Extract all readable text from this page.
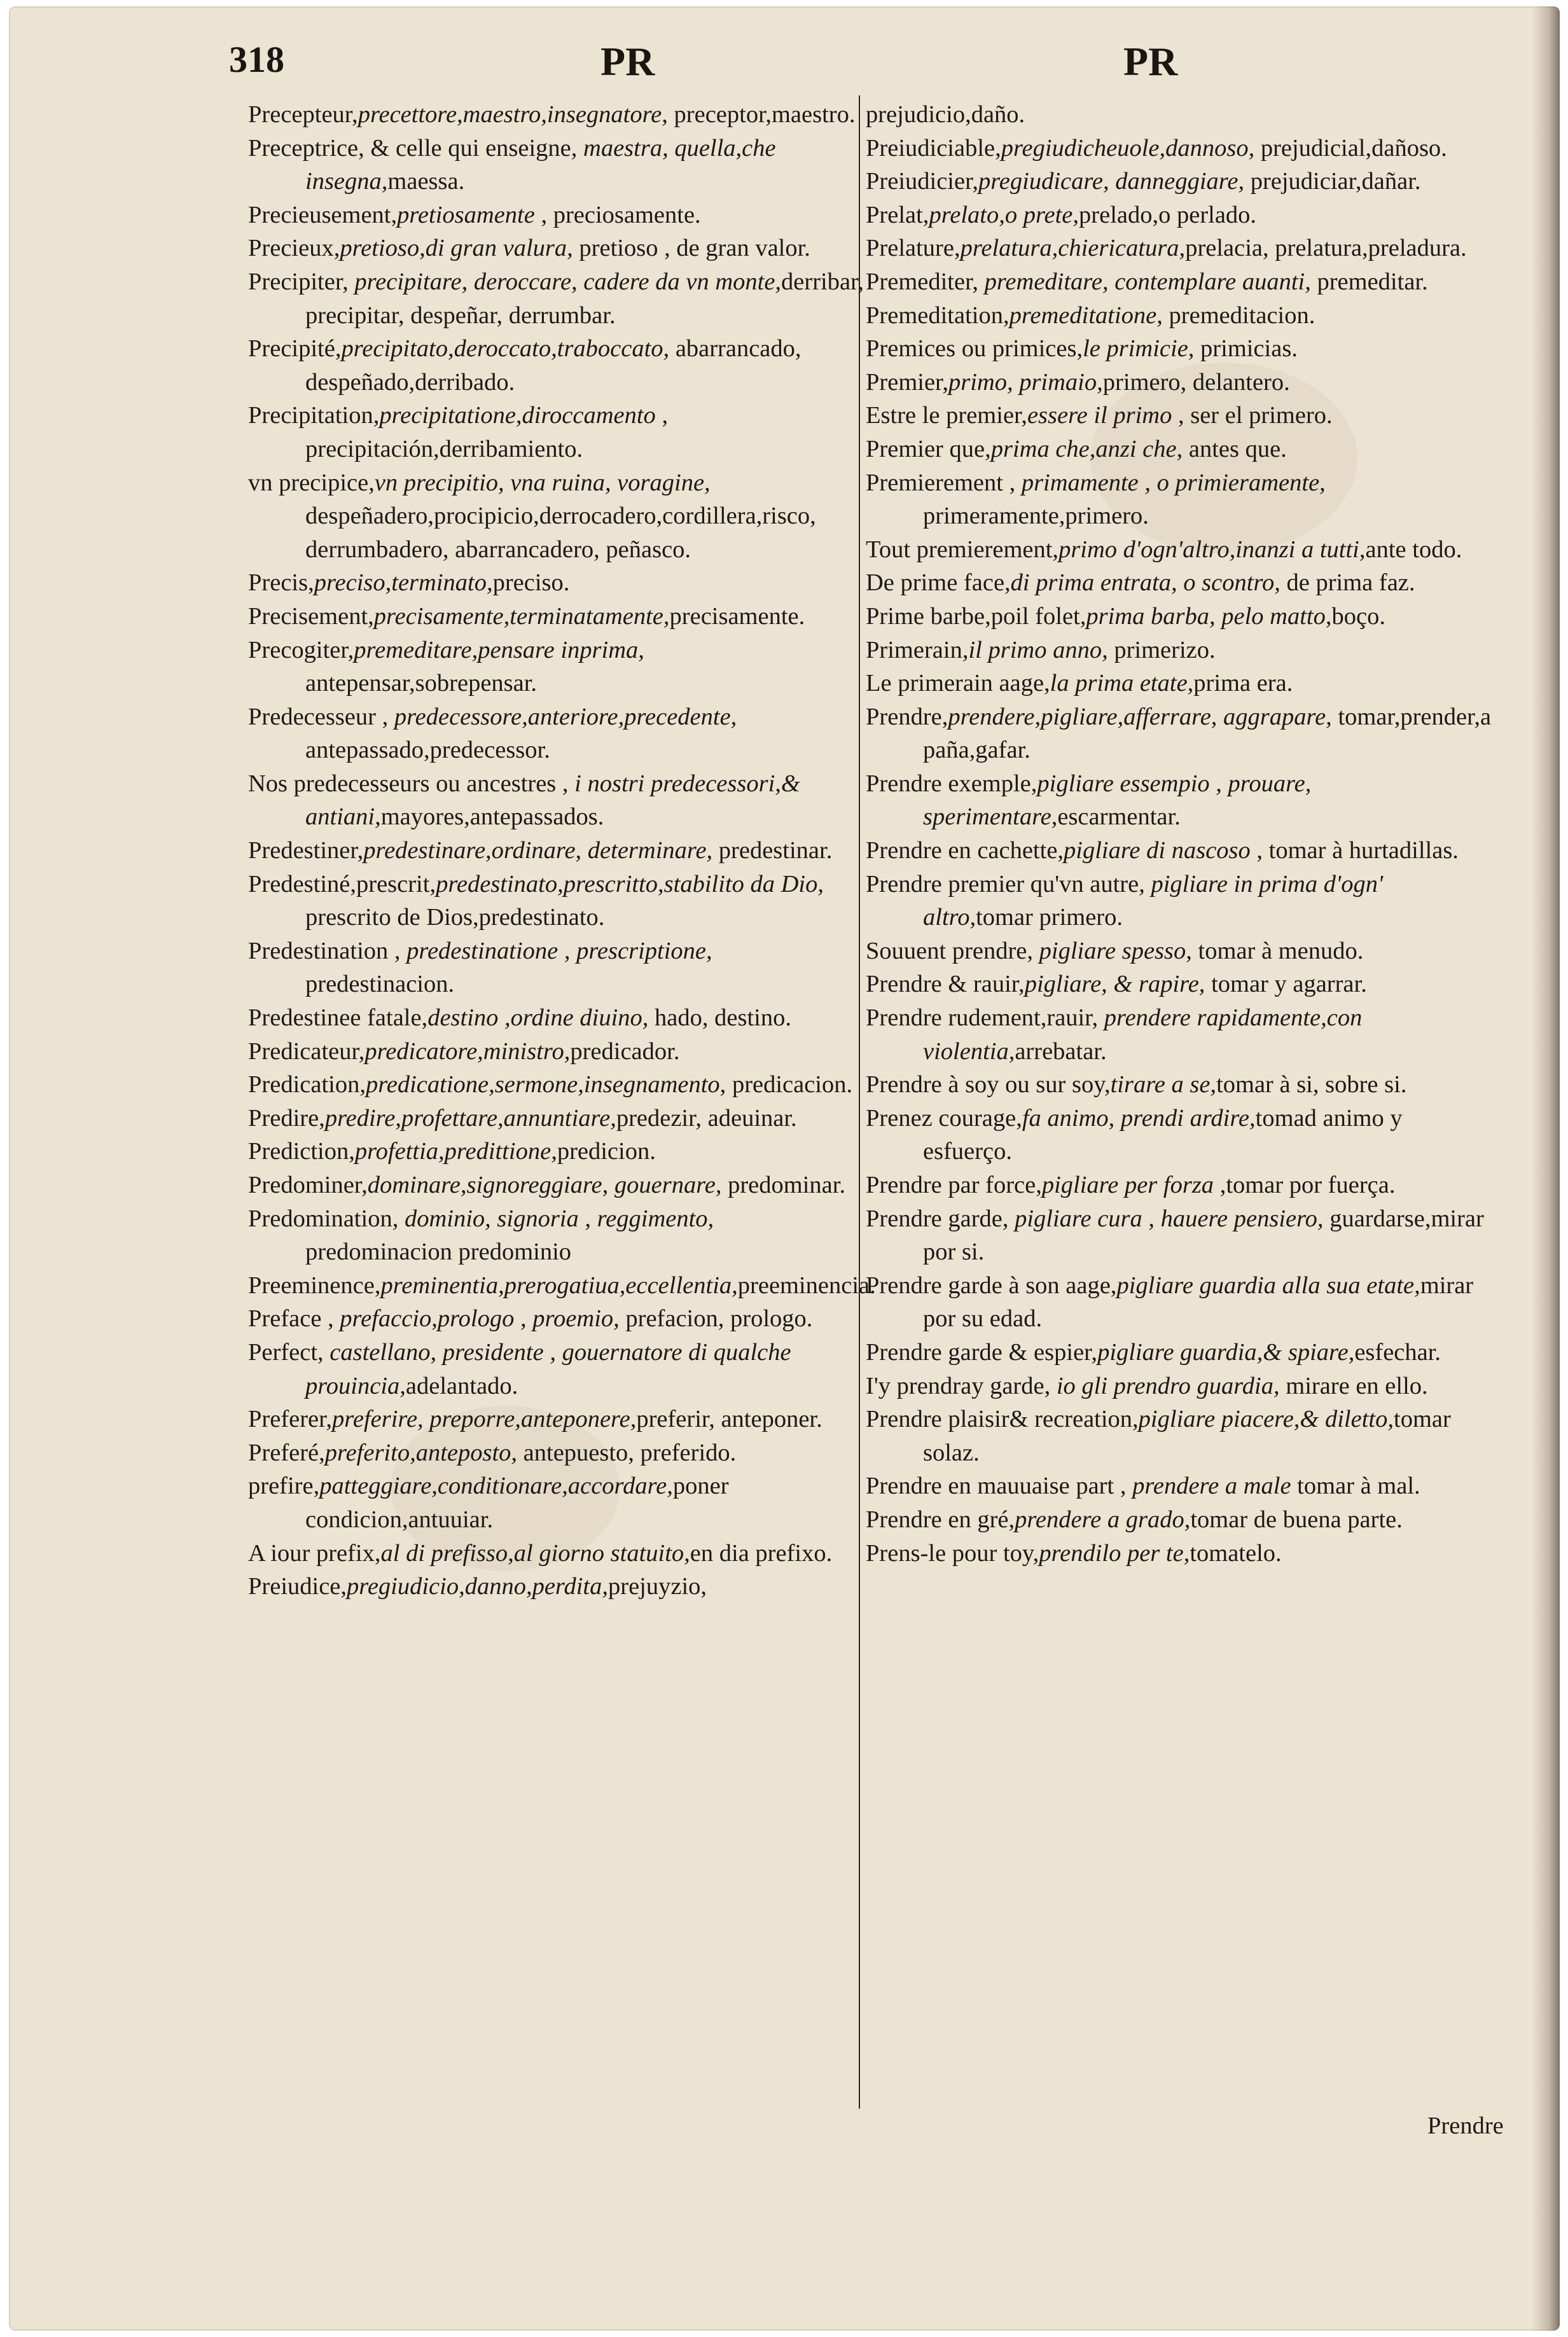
318	PR	PR

Precepteur,precettore,maestro,insegnatore, preceptor,maestro.

Preceptrice, & celle qui enseigne, maestra, quella,che insegna,maessa.

Precieusement,pretiosamente , preciosamente.

Precieux,pretioso,di gran valura, pretioso , de gran valor.

Precipiter, precipitare, deroccare, cadere da vn monte,derribar, precipitar, despeñar, derrumbar.

Precipité,precipitato,deroccato,traboccato, abarrancado, despeñado,derribado.

Precipitation,precipitatione,diroccamento , precipitación,derribamiento.

vn precipice,vn precipitio, vna ruina, voragine, despeñadero,procipicio,derrocadero,cordillera,risco, derrumbadero, abarrancadero, peñasco.

Precis,preciso,terminato,preciso.

Precisement,precisamente,terminatamente,precisamente.

Precogiter,premeditare,pensare inprima, antepensar,sobrepensar.

Predecesseur , predecessore,anteriore,precedente, antepassado,predecessor.

Nos predecesseurs ou ancestres , i nostri predecessori,& antiani,mayores,antepassados.

Predestiner,predestinare,ordinare, determinare, predestinar.

Predestiné,prescrit,predestinato,prescritto,stabilito da Dio, prescrito de Dios,predestinato.

Predestination , predestinatione , prescriptione, predestinacion.

Predestinee fatale,destino ,ordine diuino, hado, destino.

Predicateur,predicatore,ministro,predicador.

Predication,predicatione,sermone,insegnamento, predicacion.

Predire,predire,profettare,annuntiare,predezir, adeuinar.

Prediction,profettia,predittione,predicion.

Predominer,dominare,signoreggiare, gouernare, predominar.

Predomination, dominio, signoria , reggimento, predominacion predominio

Preeminence,preminentia,prerogatiua,eccellentia,preeminencia.

Preface , prefaccio,prologo , proemio, prefacion, prologo.

Perfect, castellano, presidente , gouernatore di qualche prouincia,adelantado.

Preferer,preferire, preporre,anteponere,preferir, anteponer.

Preferé,preferito,anteposto, antepuesto, preferido.

prefire,patteggiare,conditionare,accordare,poner condicion,antuuiar.

A iour prefix,al di prefisso,al giorno statuito,en dia prefixo.

Preiudice,pregiudicio,danno,perdita,prejuyzio,

prejudicio,daño.

Preiudiciable,pregiudicheuole,dannoso, prejudicial,dañoso.

Preiudicier,pregiudicare, danneggiare, prejudiciar,dañar.

Prelat,prelato,o prete,prelado,o perlado.

Prelature,prelatura,chiericatura,prelacia, prelatura,preladura.

Premediter, premeditare, contemplare auanti, premeditar.

Premeditation,premeditatione, premeditacion.

Premices ou primices,le primicie, primicias.

Premier,primo, primaio,primero, delantero.

Estre le premier,essere il primo , ser el primero.

Premier que,prima che,anzi che, antes que.

Premierement , primamente , o primieramente, primeramente,primero.

Tout premierement,primo d'ogn'altro,inanzi a tutti,ante todo.

De prime face,di prima entrata, o scontro, de prima faz.

Prime barbe,poil folet,prima barba, pelo matto,boço.

Primerain,il primo anno, primerizo.

Le primerain aage,la prima etate,prima era.

Prendre,prendere,pigliare,afferrare, aggrapare, tomar,prender,a paña,gafar.

Prendre exemple,pigliare essempio , prouare, sperimentare,escarmentar.

Prendre en cachette,pigliare di nascoso , tomar à hurtadillas.

Prendre premier qu'vn autre, pigliare in prima d'ogn' altro,tomar primero.

Souuent prendre, pigliare spesso, tomar à menudo.

Prendre & rauir,pigliare, & rapire, tomar y agarrar.

Prendre rudement,rauir, prendere rapidamente,con violentia,arrebatar.

Prendre à soy ou sur soy,tirare a se,tomar à si, sobre si.

Prenez courage,fa animo, prendi ardire,tomad animo y esfuerço.

Prendre par force,pigliare per forza ,tomar por fuerça.

Prendre garde, pigliare cura , hauere pensiero, guardarse,mirar por si.

Prendre garde à son aage,pigliare guardia alla sua etate,mirar por su edad.

Prendre garde & espier,pigliare guardia,& spiare,esfechar.

I'y prendray garde, io gli prendro guardia, mirare en ello.

Prendre plaisir& recreation,pigliare piacere,& diletto,tomar solaz.

Prendre en mauuaise part , prendere a male tomar à mal.

Prendre en gré,prendere a grado,tomar de buena parte.

Prens-le pour toy,prendilo per te,tomatelo.

Prendre
